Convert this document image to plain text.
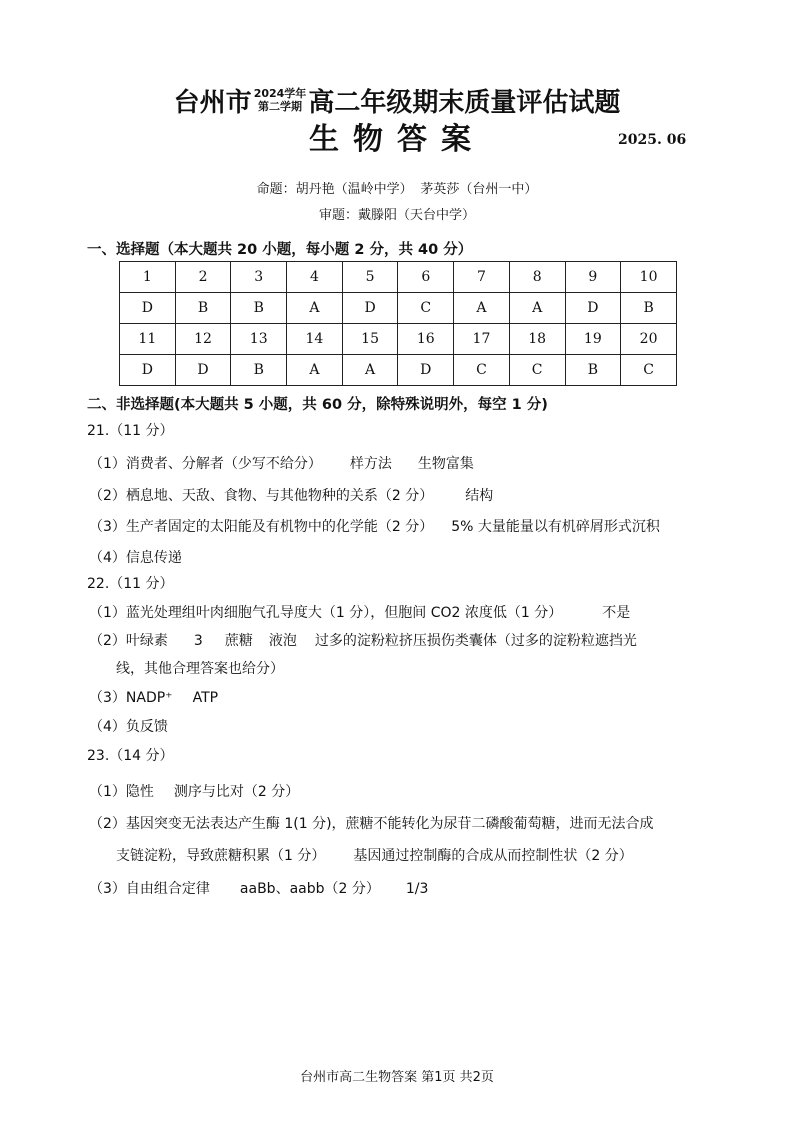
台州市 2024学年
第二学期 高二年级期末质量评估试题
生物答案	2025. 06
命题：胡丹艳（温岭中学） 茅英莎（台州一中）
审题：戴滕阳（天台中学）
一、选择题（本大题共 20 小题，每小题 2 分，共 40 分）
1	2	3	4	5	6	7	8	9	10
D	B	B	A	D	C	A	A	D	B
11	12	13	14	15	16	17	18	19	20
D	D	B	A	A	D	C	C	B	C
二、非选择题(本大题共 5 小题，共 60 分，除特殊说明外，每空 1 分)
21.（11 分）
（1）消费者、分解者（少写不给分） 样方法 生物富集
（2）栖息地、天敌、食物、与其他物种的关系（2 分） 结构
（3）生产者固定的太阳能及有机物中的化学能（2 分） 5% 大量能量以有机碎屑形式沉积
（4）信息传递
22.（11 分）
（1）蓝光处理组叶肉细胞气孔导度大（1 分），但胞间 CO2 浓度低（1 分）	不是
（2）叶绿素 3 蔗糖 液泡 过多的淀粉粒挤压损伤类囊体（过多的淀粉粒遮挡光
线，其他合理答案也给分）
（3）NADP⁺ ATP
（4）负反馈
23.（14 分）
（1）隐性 测序与比对（2 分）
（2）基因突变无法表达产生酶 1(1 分)，蔗糖不能转化为尿苷二磷酸葡萄糖，进而无法合成
支链淀粉，导致蔗糖积累（1 分） 基因通过控制酶的合成从而控制性状（2 分）
（3）自由组合定律 aaBb、aabb（2 分） 1/3
台州市高二生物答案 第1页 共2页
